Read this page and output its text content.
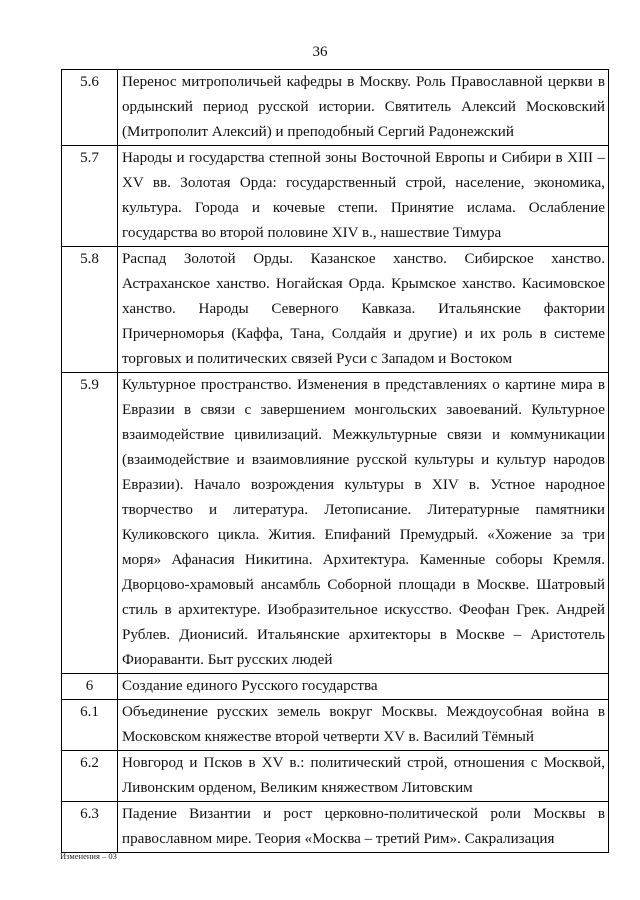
36
5.6	Перенос митрополичьей кафедры в Москву. Роль Православной церкви в ордынский период русской истории. Святитель Алексий Московский (Митрополит Алексий) и преподобный Сергий Радонежский
5.7	Народы и государства степной зоны Восточной Европы и Сибири в XIII – XV вв. Золотая Орда: государственный строй, население, экономика, культура. Города и кочевые степи. Принятие ислама. Ослабление государства во второй половине XIV в., нашествие Тимура
5.8	Распад Золотой Орды. Казанское ханство. Сибирское ханство. Астраханское ханство. Ногайская Орда. Крымское ханство. Касимовское ханство. Народы Северного Кавказа. Итальянские фактории Причерноморья (Каффа, Тана, Солдайя и другие) и их роль в системе торговых и политических связей Руси с Западом и Востоком
5.9	Культурное пространство. Изменения в представлениях о картине мира в Евразии в связи с завершением монгольских завоеваний. Культурное взаимодействие цивилизаций. Межкультурные связи и коммуникации (взаимодействие и взаимовлияние русской культуры и культур народов Евразии). Начало возрождения культуры в XIV в. Устное народное творчество и литература. Летописание. Литературные памятники Куликовского цикла. Жития. Епифаний Премудрый. «Хожение за три моря» Афанасия Никитина. Архитектура. Каменные соборы Кремля. Дворцово-храмовый ансамбль Соборной площади в Москве. Шатровый стиль в архитектуре. Изобразительное искусство. Феофан Грек. Андрей Рублев. Дионисий. Итальянские архитекторы в Москве – Аристотель Фиораванти. Быт русских людей
6	Создание единого Русского государства
6.1	Объединение русских земель вокруг Москвы. Междоусобная война в Московском княжестве второй четверти XV в. Василий Тёмный
6.2	Новгород и Псков в XV в.: политический строй, отношения с Москвой, Ливонским орденом, Великим княжеством Литовским
6.3	Падение Византии и рост церковно-политической роли Москвы в православном мире. Теория «Москва – третий Рим». Сакрализация
Изменения – 03
